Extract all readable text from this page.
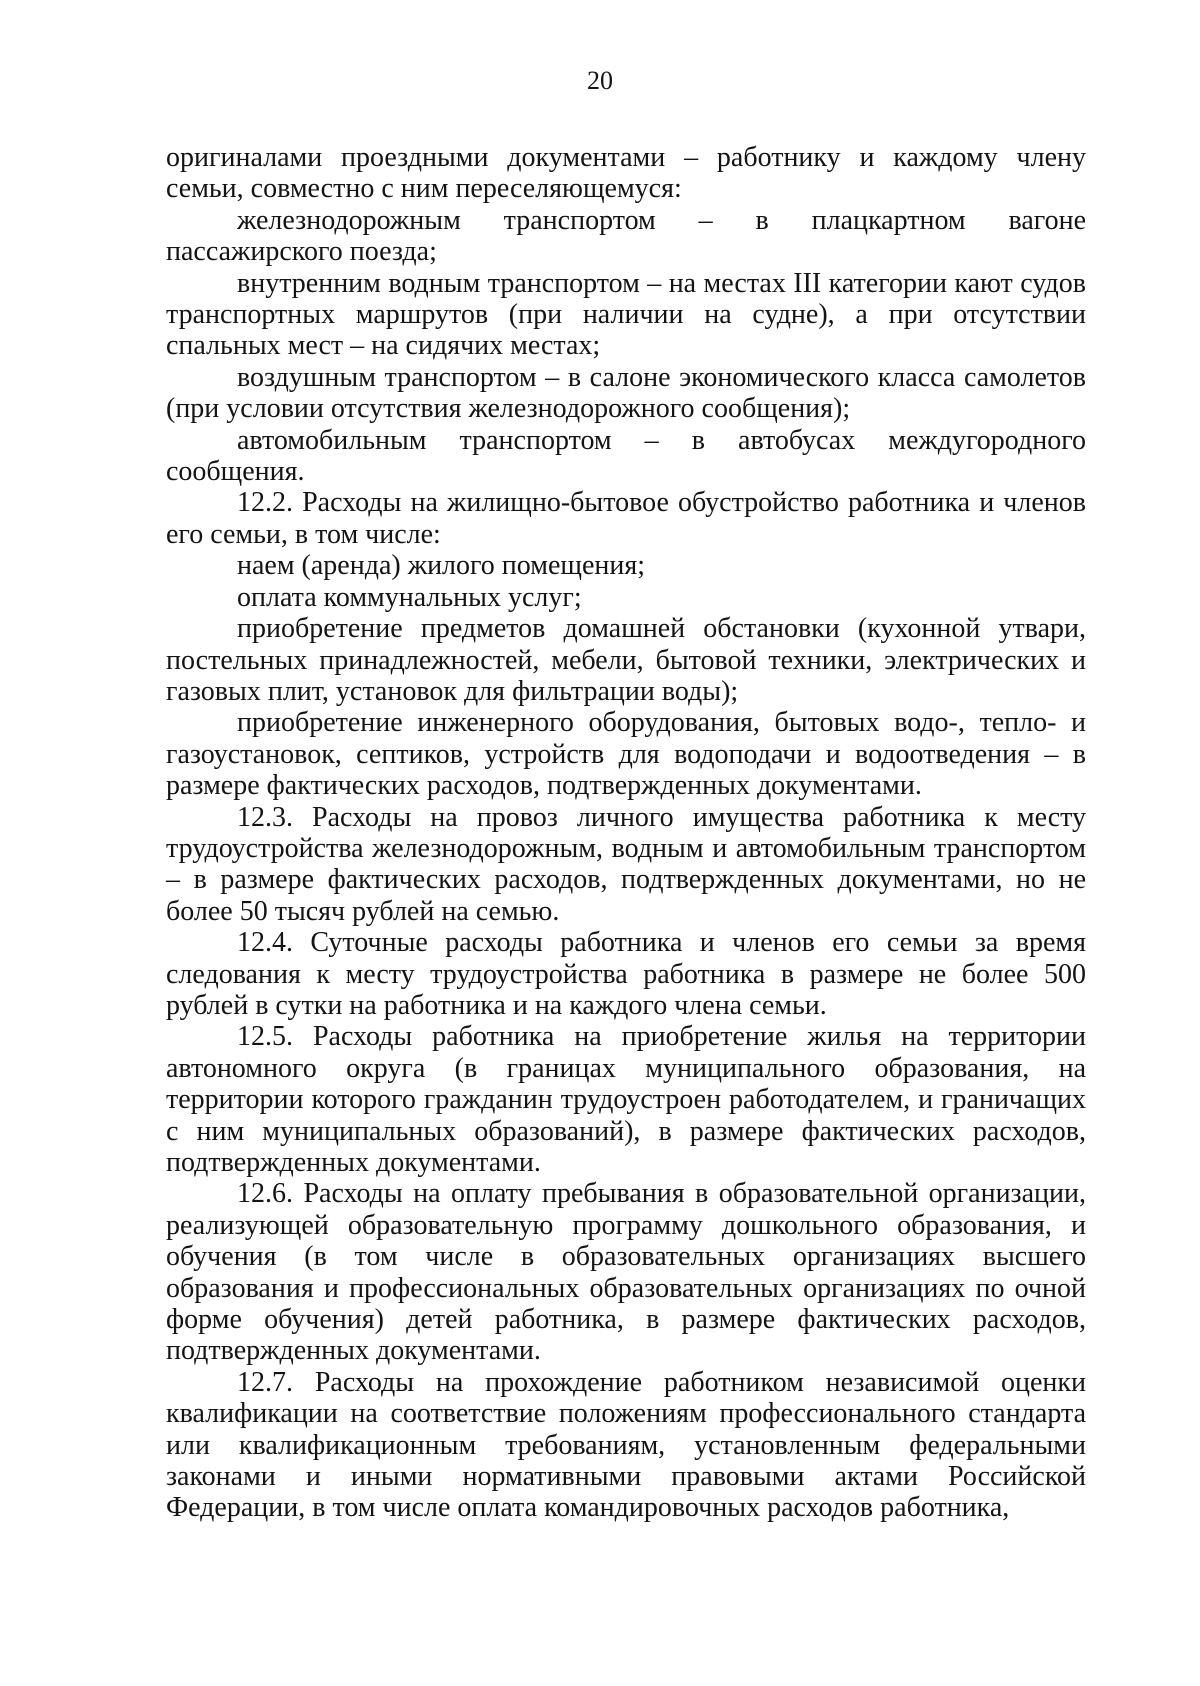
20

оригиналами проездными документами – работнику и каждому члену семьи, совместно с ним переселяющемуся:

железнодорожным транспортом – в плацкартном вагоне пассажирского поезда;

внутренним водным транспортом – на местах III категории кают судов транспортных маршрутов (при наличии на судне), а при отсутствии спальных мест – на сидячих местах;

воздушным транспортом – в салоне экономического класса самолетов (при условии отсутствия железнодорожного сообщения);

автомобильным транспортом – в автобусах междугородного сообщения.

12.2. Расходы на жилищно-бытовое обустройство работника и членов его семьи, в том числе:

наем (аренда) жилого помещения;

оплата коммунальных услуг;

приобретение предметов домашней обстановки (кухонной утвари, постельных принадлежностей, мебели, бытовой техники, электрических и газовых плит, установок для фильтрации воды);

приобретение инженерного оборудования, бытовых водо-, тепло- и газоустановок, септиков, устройств для водоподачи и водоотведения – в размере фактических расходов, подтвержденных документами.

12.3. Расходы на провоз личного имущества работника к месту трудоустройства железнодорожным, водным и автомобильным транспортом – в размере фактических расходов, подтвержденных документами, но не более 50 тысяч рублей на семью.

12.4. Суточные расходы работника и членов его семьи за время следования к месту трудоустройства работника в размере не более 500 рублей в сутки на работника и на каждого члена семьи.

12.5. Расходы работника на приобретение жилья на территории автономного округа (в границах муниципального образования, на территории которого гражданин трудоустроен работодателем, и граничащих с ним муниципальных образований), в размере фактических расходов, подтвержденных документами.

12.6. Расходы на оплату пребывания в образовательной организации, реализующей образовательную программу дошкольного образования, и обучения (в том числе в образовательных организациях высшего образования и профессиональных образовательных организациях по очной форме обучения) детей работника, в размере фактических расходов, подтвержденных документами.

12.7. Расходы на прохождение работником независимой оценки квалификации на соответствие положениям профессионального стандарта или квалификационным требованиям, установленным федеральными законами и иными нормативными правовыми актами Российской Федерации, в том числе оплата командировочных расходов работника,
